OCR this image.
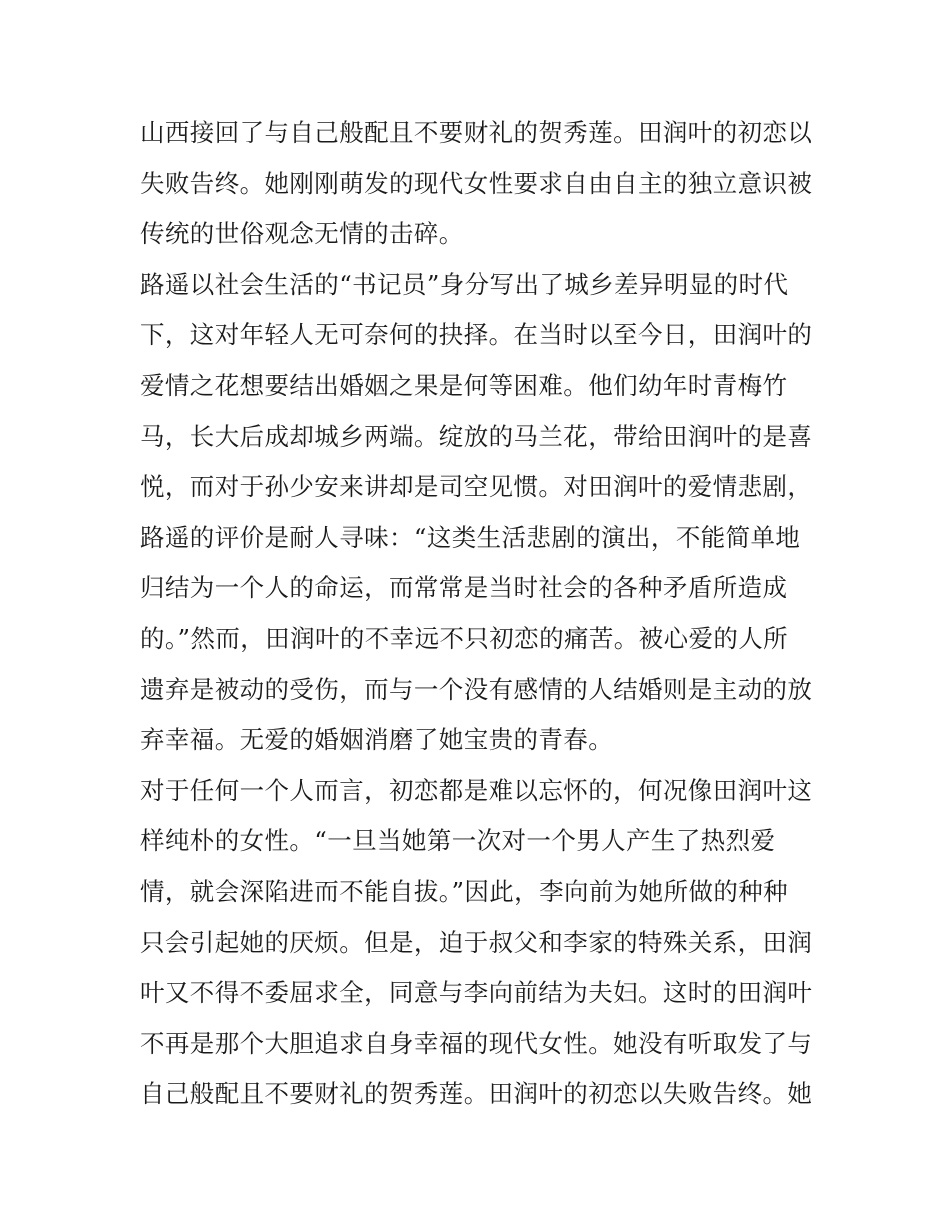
山西接回了与自己般配且不要财礼的贺秀莲。田润叶的初恋以
失败告终。她刚刚萌发的现代女性要求自由自主的独立意识被
传统的世俗观念无情的击碎。
路遥以社会生活的“书记员”身分写出了城乡差异明显的时代
下，这对年轻人无可奈何的抉择。在当时以至今日，田润叶的
爱情之花想要结出婚姻之果是何等困难。他们幼年时青梅竹
马，长大后成却城乡两端。绽放的马兰花，带给田润叶的是喜
悦，而对于孙少安来讲却是司空见惯。对田润叶的爱情悲剧，
路遥的评价是耐人寻味：“这类生活悲剧的演出，不能简单地
归结为一个人的命运，而常常是当时社会的各种矛盾所造成
的。”然而，田润叶的不幸远不只初恋的痛苦。被心爱的人所
遗弃是被动的受伤，而与一个没有感情的人结婚则是主动的放
弃幸福。无爱的婚姻消磨了她宝贵的青春。
对于任何一个人而言，初恋都是难以忘怀的，何况像田润叶这
样纯朴的女性。“一旦当她第一次对一个男人产生了热烈爱
情，就会深陷进而不能自拔。”因此，李向前为她所做的种种
只会引起她的厌烦。但是，迫于叔父和李家的特殊关系，田润
叶又不得不委屈求全，同意与李向前结为夫妇。这时的田润叶
不再是那个大胆追求自身幸福的现代女性。她没有听取发了与
自己般配且不要财礼的贺秀莲。田润叶的初恋以失败告终。她
